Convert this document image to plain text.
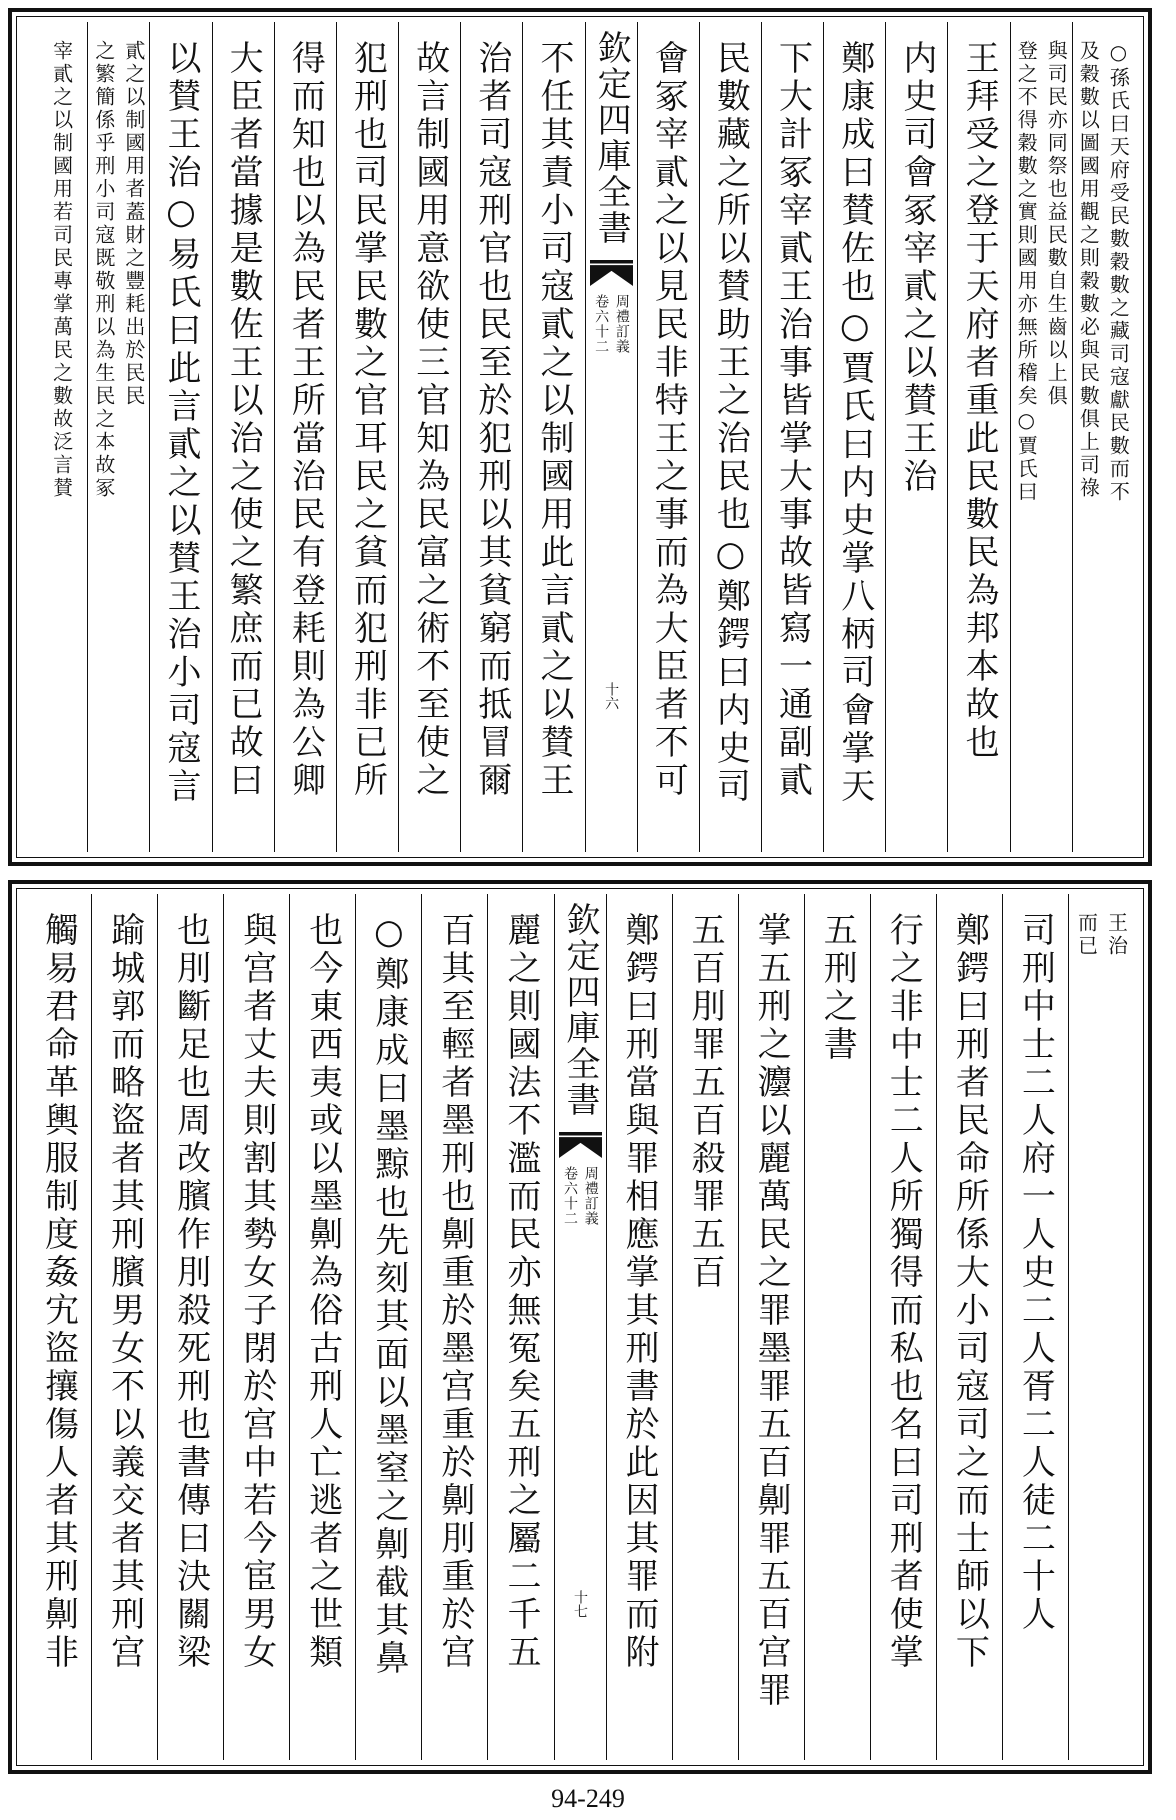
○孫氏曰天府受民數穀數之藏司寇獻民數而不
及穀數以圖國用觀之則穀數必與民數俱上司祿
與司民亦同祭也益民數自生齒以上俱
登之不得穀數之實則國用亦無所稽矣○賈氏曰
王拜受之登于天府者重此民數民為邦本故也
内史司會冢宰貳之以賛王治
鄭康成曰賛佐也○賈氏曰内史掌八柄司會掌天
下大計冢宰貳王治事皆掌大事故皆寫一通副貳
民數藏之所以賛助王之治民也○鄭鍔曰内史司
會冢宰貳之以見民非特王之事而為大臣者不可
欽定四庫全書
周禮訂義
卷六十二
十六
不任其責小司寇貳之以制國用此言貳之以賛王
治者司寇刑官也民至於犯刑以其貧窮而抵冒爾
故言制國用意欲使三官知為民富之術不至使之
犯刑也司民掌民數之官耳民之貧而犯刑非已所
得而知也以為民者王所當治民有登耗則為公卿
大臣者當據是數佐王以治之使之繁庶而已故曰
以賛王治○易氏曰此言貳之以賛王治小司寇言
貳之以制國用者蓋財之豐耗出於民民
之繁簡係乎刑小司寇既敬刑以為生民之本故冢
宰貳之以制國用若司民專掌萬民之數故泛言賛
王治
而已
司刑中士二人府一人史二人胥二人徒二十人
鄭鍔曰刑者民命所係大小司寇司之而士師以下
行之非中士二人所獨得而私也名曰司刑者使掌
五刑之書
掌五刑之灋以麗萬民之罪墨罪五百劓罪五百宫罪
五百刖罪五百殺罪五百
鄭鍔曰刑當與罪相應掌其刑書於此因其罪而附
欽定四庫全書
周禮訂義
卷六十二
十七
麗之則國法不濫而民亦無冤矣五刑之屬二千五
百其至輕者墨刑也劓重於墨宫重於劓刖重於宫
○鄭康成曰墨黥也先刻其面以墨窒之劓截其鼻
也今東西夷或以墨劓為俗古刑人亡逃者之世類
與宫者丈夫則割其勢女子閉於宫中若今宦男女
也刖斷足也周改臏作刖殺死刑也書傳曰決關梁
踰城郭而略盜者其刑臏男女不以義交者其刑宫
觸易君命革輿服制度姦宄盜攘傷人者其刑劓非
94-249
